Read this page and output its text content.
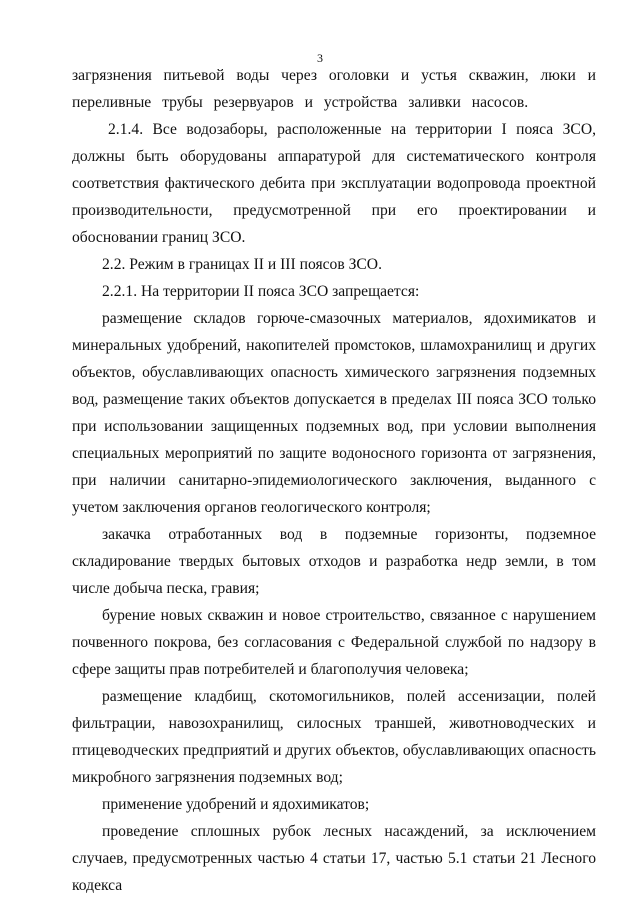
3

загрязнения питьевой воды через оголовки и устья скважин, люки и переливные трубы резервуаров и устройства заливки насосов.

2.1.4. Все водозаборы, расположенные на территории I пояса ЗСО, должны быть оборудованы аппаратурой для систематического контроля соответствия фактического дебита при эксплуатации водопровода проектной производительности, предусмотренной при его проектировании и обосновании границ ЗСО.

2.2. Режим в границах II и III поясов ЗСО.

2.2.1. На территории II пояса ЗСО запрещается:

размещение складов горюче-смазочных материалов, ядохимикатов и минеральных удобрений, накопителей промстоков, шламохранилищ и других объектов, обуславливающих опасность химического загрязнения подземных вод, размещение таких объектов допускается в пределах III пояса ЗСО только при использовании защищенных подземных вод, при условии выполнения специальных мероприятий по защите водоносного горизонта от загрязнения, при наличии санитарно-эпидемиологического заключения, выданного с учетом заключения органов геологического контроля;

закачка отработанных вод в подземные горизонты, подземное складирование твердых бытовых отходов и разработка недр земли, в том числе добыча песка, гравия;

бурение новых скважин и новое строительство, связанное с нарушением почвенного покрова, без согласования с Федеральной службой по надзору в сфере защиты прав потребителей и благополучия человека;

размещение кладбищ, скотомогильников, полей ассенизации, полей фильтрации, навозохранилищ, силосных траншей, животноводческих и птицеводческих предприятий и других объектов, обуславливающих опасность микробного загрязнения подземных вод;

применение удобрений и ядохимикатов;

проведение сплошных рубок лесных насаждений, за исключением случаев, предусмотренных частью 4 статьи 17, частью 5.1 статьи 21 Лесного кодекса
